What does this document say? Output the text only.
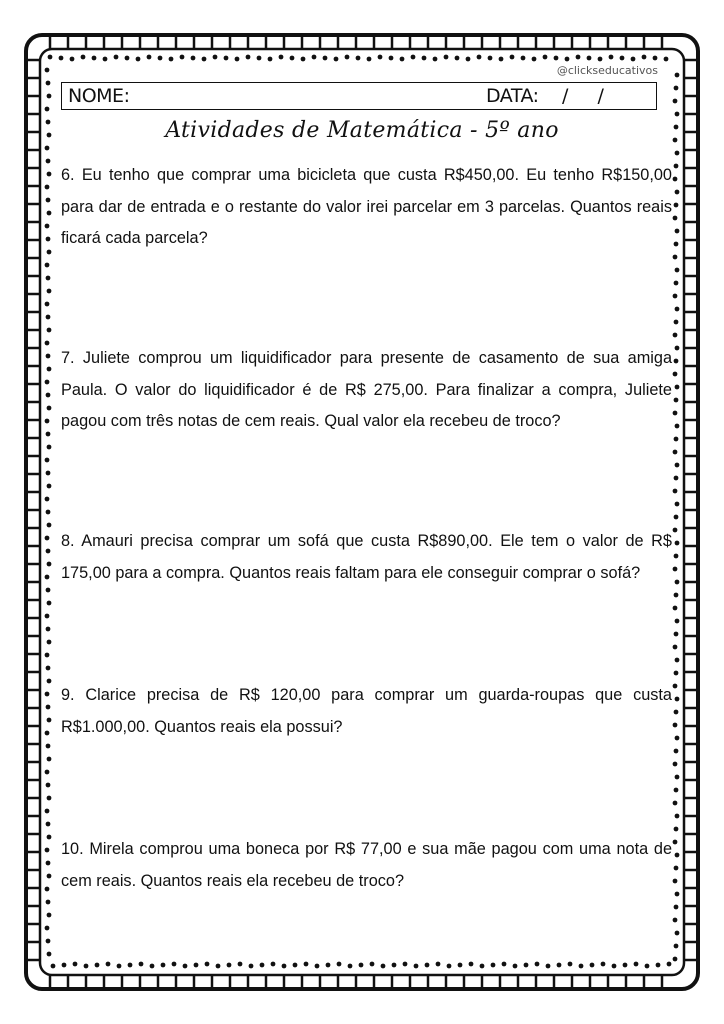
@clickseducativos
NOME:	DATA: / /
Atividades de Matemática - 5º ano

6. Eu tenho que comprar uma bicicleta que custa R$450,00. Eu tenho R$150,00 para dar de entrada e o restante do valor irei parcelar em 3 parcelas. Quantos reais ficará cada parcela?

7. Juliete comprou um liquidificador para presente de casamento de sua amiga Paula. O valor do liquidificador é de R$ 275,00. Para finalizar a compra, Juliete pagou com três notas de cem reais. Qual valor ela recebeu de troco?

8. Amauri precisa comprar um sofá que custa R$890,00. Ele tem o valor de R$ 175,00 para a compra. Quantos reais faltam para ele conseguir comprar o sofá?

9. Clarice precisa de R$ 120,00 para comprar um guarda-roupas que custa R$1.000,00. Quantos reais ela possui?

10. Mirela comprou uma boneca por R$ 77,00 e sua mãe pagou com uma nota de cem reais. Quantos reais ela recebeu de troco?
